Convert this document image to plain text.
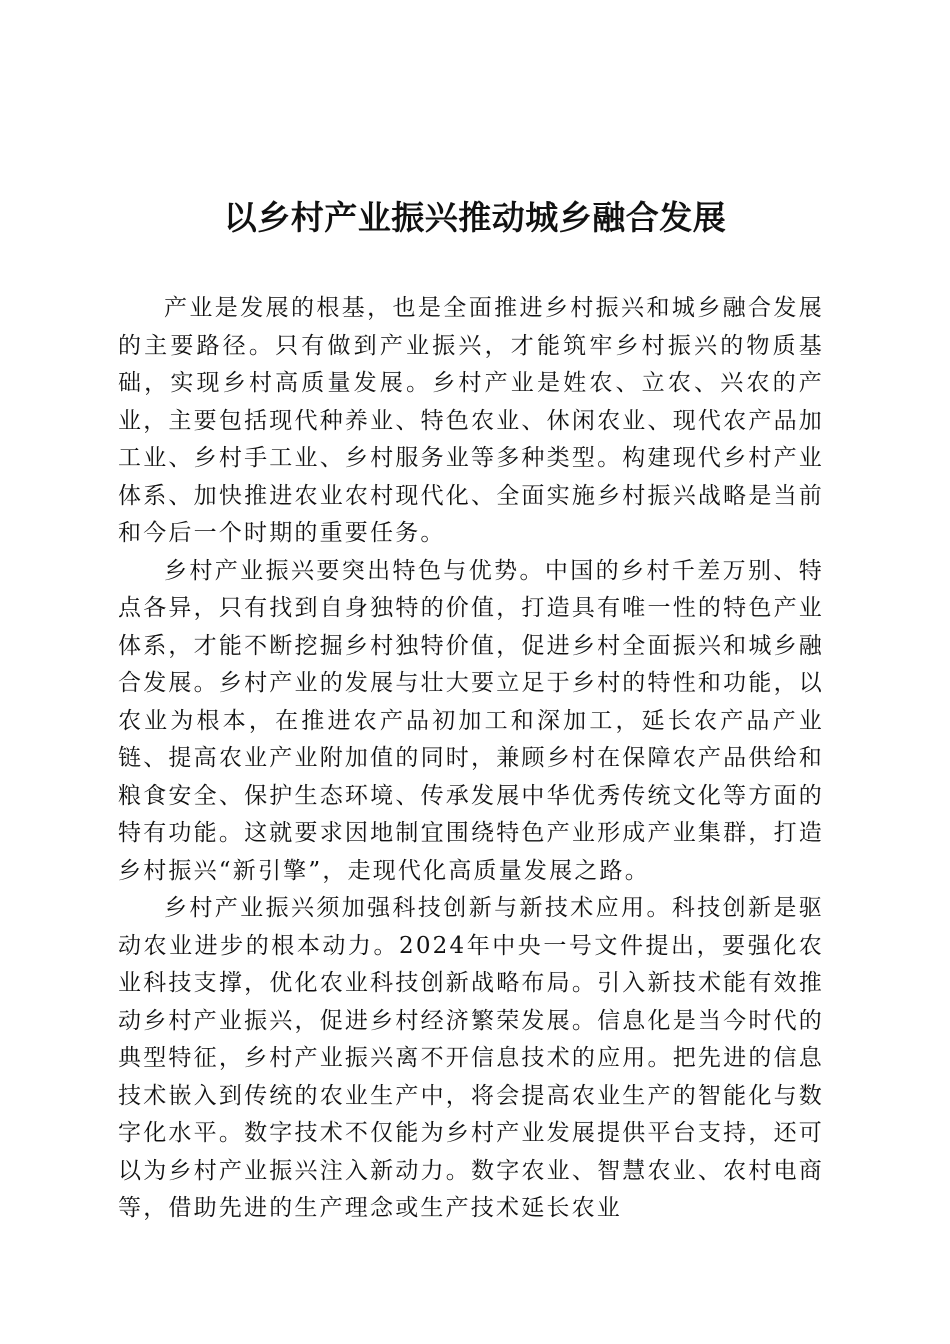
以乡村产业振兴推动城乡融合发展

产业是发展的根基，也是全面推进乡村振兴和城乡融合发展的主要路径。只有做到产业振兴，才能筑牢乡村振兴的物质基础，实现乡村高质量发展。乡村产业是姓农、立农、兴农的产业，主要包括现代种养业、特色农业、休闲农业、现代农产品加工业、乡村手工业、乡村服务业等多种类型。构建现代乡村产业体系、加快推进农业农村现代化、全面实施乡村振兴战略是当前和今后一个时期的重要任务。

乡村产业振兴要突出特色与优势。中国的乡村千差万别、特点各异，只有找到自身独特的价值，打造具有唯一性的特色产业体系，才能不断挖掘乡村独特价值，促进乡村全面振兴和城乡融合发展。乡村产业的发展与壮大要立足于乡村的特性和功能，以农业为根本，在推进农产品初加工和深加工，延长农产品产业链、提高农业产业附加值的同时，兼顾乡村在保障农产品供给和粮食安全、保护生态环境、传承发展中华优秀传统文化等方面的特有功能。这就要求因地制宜围绕特色产业形成产业集群，打造乡村振兴“新引擎”，走现代化高质量发展之路。

乡村产业振兴须加强科技创新与新技术应用。科技创新是驱动农业进步的根本动力。2024年中央一号文件提出，要强化农业科技支撑，优化农业科技创新战略布局。引入新技术能有效推动乡村产业振兴，促进乡村经济繁荣发展。信息化是当今时代的典型特征，乡村产业振兴离不开信息技术的应用。把先进的信息技术嵌入到传统的农业生产中，将会提高农业生产的智能化与数字化水平。数字技术不仅能为乡村产业发展提供平台支持，还可以为乡村产业振兴注入新动力。数字农业、智慧农业、农村电商等，借助先进的生产理念或生产技术延长农业
